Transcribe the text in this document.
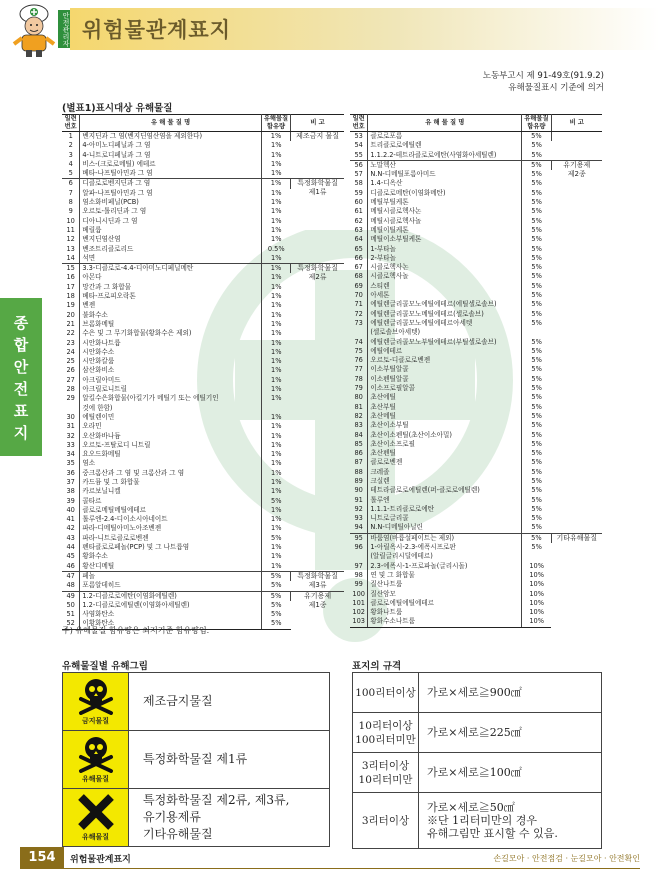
안전관리자 위험물관계표지
노동부고시 제 91-49호(91.9.2)
유해물질표시 기준에 의거
종
합
안
전
표
지
(별표1)표시대상 유해물질
일련
번호	유 해 물 질 명	유해물질
함유량	비 고
1	벤지딘과 그 염(벤지딘염산염을 제외한다)	1%	제조금지 물질
2	4-아미노디페닐과 그 염	1%	
3	4-니트로디페닐과 그 염	1%	
4	비스-(크로로메틸) 에테르	1%	
5	베타-나프틸아민과 그 염	1%	
6	디클로로벤지딘과 그 염	1%	특정화학물질
제1류
7	알파-나프틸아민과 그 염	1%	
8	염소화비페닐(PCB)	1%	
9	오르토-톨리딘과 그 염	1%	
10	디아니시딘과 그 염	1%	
11	베릴륨	1%	
12	벤지딘염산염	1%	
13	벤조트리클로리드	0.5%	
14	석면	1%	
15	3.3-디클로로-4.4-디아미노디페닐메탄	1%	특정화학물질
제2류
16	아몬다	1%	
17	망간과 그 화합물	1%	
18	베타-프로피오락톤	1%	
19	벤젠	1%	
20	불화수소	1%	
21	브롬화메틸	1%	
22	수은 및 그 무기화합물(황화수은 제외)	1%	
23	시안화나트륨	1%	
24	시안화수소	1%	
25	시안화칼륨	1%	
26	삼산화비소	1%	
27	아크릴아미드	1%	
28	아크릴로니트릴	1%	
29	알킬수은화합물(아킬기가 메틸기 또는 에틸기인	1%	
	것에 한함)		
30	에틸렌이민	1%	
31	오라민	1%	
32	오산화바나듐	1%	
33	오르토-프탈로디 니트릴	1%	
34	요오드화메틸	1%	
35	염소	1%	
36	중크롬산과 그 염 및 크롬산과 그 염	1%	
37	카드뮴 및 그 화합물	1%	
38	카르보닐니켈	1%	
39	콜타르	5%	
40	클로로메틸메틸에테르	1%	
41	톨루엔-2.4-디이소시아네이트	1%	
42	파라-디메틸아미노아조벤젠	1%	
43	파라-니트로클로로벤젠	5%	
44	펜타클로로페놀(PCP) 및 그 나트륨염	1%	
45	황화수소	1%	
46	황산디메틸	1%	
47	페놀	5%	특정화학물질
제3류
48	포름알데히드	5%	
49	1.2-디클로로에탄(이염화에틸렌)	5%	유기용제
제1종
50	1.2-디클로로에틸렌(이염화아세틸렌)	5%	
51	사염화탄소	5%	
52	이황화탄소	5%	
일련
번호	유 해 물 질 명	유해물질
함유량	비 고
53	클로로포름	5%	
54	트리클로로에틸렌	5%	
55	1.1.2.2-테트라클로로에탄(사염화아세틸렌)	5%	
56	노말헥산	5%	유기용제
제2종
57	N.N-디메틸포름아미드	5%	
58	1.4-디옥산	5%	
59	디클로로메탄(이염화메탄)	5%	
60	메틸부틸케톤	5%	
61	메틸시클로헥사논	5%	
62	메틸시클로헥사놀	5%	
63	메틸이틸케톤	5%	
64	메틸이소부틸케톤	5%	
65	1-부타놀	5%	
66	2-부타놀	5%	
67	시클로헥사논	5%	
68	시클로헥사놀	5%	
69	스티렌	5%	
70	아세톤	5%	
71	에틸렌글리콜모노에틸에테르(에틸셀로솔브)	5%	
72	에틸렌글리콜모노메틸에테르(셀로솔브)	5%	
73	에틸렌글리콜모노에틸에테르아세텟	5%	
	(셀로솔브아세텟)		
74	에틸렌글리콜모노부틸에테르(부틸셀로솔브)	5%	
75	에틸에테르	5%	
76	오르토-디클로로벤젠	5%	
77	이소부틸알콜	5%	
78	이소펜틸알콜	5%	
79	이소프로필알콜	5%	
80	초산에틸	5%	
81	초산부틸	5%	
82	초산메틸	5%	
83	초산이소부틸	5%	
84	초산이소펜틸(초산이소아밀)	5%	
85	초산이소프로필	5%	
86	초산펜틸	5%	
87	클로로벤젠	5%	
88	크레졸	5%	
89	크실렌	5%	
90	테트라클로로에틸렌(퍼-클로로에틸렌)	5%	
91	톨루엔	5%	
92	1.1.1-트리클로로에탄	5%	
93	니트로글리콜	5%	
94	N.N-디메틸아닐린	5%	
95	바륨염(바륨설페이트는 제외)	5%	기타유해물질
96	1-아릴옥시-2.3-에폭시프로판	5%	
	(알릴글리시딜에테르)		
97	2.3-에폭시-1-프로파놀(글리시돌)	10%	
98	연 및 그 화합물	10%	
99	질산나트륨	10%	
100	질산암모	10%	
101	클로로에틸에틸에테르	10%	
102	황화나트륨	10%	
103	황화수소나트륨	10%	
주) 유해물질 함유량은 최저기준 함유량임.
유해물질별 유해그림
금지물질	제조금지물질

유해물질	특정화학물질 제1류

유해물질	특정화학물질 제2류, 제3류,
유기용제류
기타유해물질
표지의 규격
100리터이상	가로×세로≧900㎠
10리터이상
100리터미만	가로×세로≧225㎠
3리터이상
10리터미만	가로×세로≧100㎠
3리터이상	가로×세로≧50㎠
※단 1리터미만의 경우
유해그림만 표시할 수 있음.
154	위험물관계표지	손길모아 · 안전점검 · 눈길모아 · 안전확인
